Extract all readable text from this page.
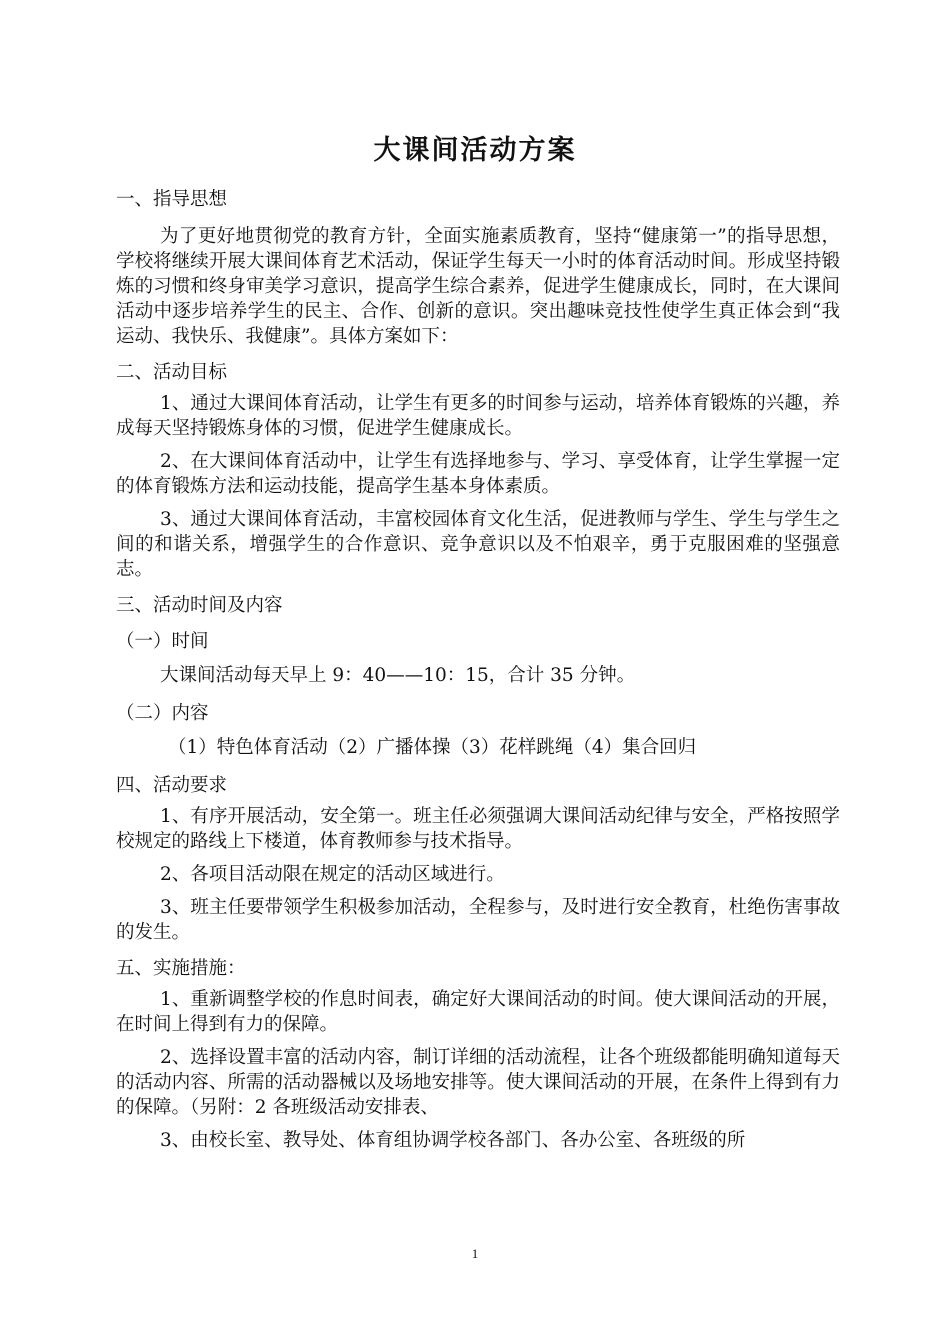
大课间活动方案
一、指导思想

为了更好地贯彻党的教育方针，全面实施素质教育，坚持“健康第一”的指导思想，学校将继续开展大课间体育艺术活动，保证学生每天一小时的体育活动时间。形成坚持锻炼的习惯和终身审美学习意识，提高学生综合素养，促进学生健康成长，同时，在大课间活动中逐步培养学生的民主、合作、创新的意识。突出趣味竞技性使学生真正体会到“我运动、我快乐、我健康”。具体方案如下：

二、活动目标

1、通过大课间体育活动，让学生有更多的时间参与运动，培养体育锻炼的兴趣，养成每天坚持锻炼身体的习惯，促进学生健康成长。

2、在大课间体育活动中，让学生有选择地参与、学习、享受体育，让学生掌握一定的体育锻炼方法和运动技能，提高学生基本身体素质。

3、通过大课间体育活动，丰富校园体育文化生活，促进教师与学生、学生与学生之间的和谐关系，增强学生的合作意识、竞争意识以及不怕艰辛，勇于克服困难的坚强意志。

三、活动时间及内容
（一）时间
大课间活动每天早上 9：40——10：15，合计 35 分钟。
（二）内容
（1）特色体育活动（2）广播体操（3）花样跳绳（4）集合回归
四、活动要求

1、有序开展活动，安全第一。班主任必须强调大课间活动纪律与安全，严格按照学校规定的路线上下楼道，体育教师参与技术指导。

2、各项目活动限在规定的活动区域进行。

3、班主任要带领学生积极参加活动，全程参与，及时进行安全教育，杜绝伤害事故的发生。

五、实施措施：

1、重新调整学校的作息时间表，确定好大课间活动的时间。使大课间活动的开展，在时间上得到有力的保障。

2、选择设置丰富的活动内容，制订详细的活动流程，让各个班级都能明确知道每天的活动内容、所需的活动器械以及场地安排等。使大课间活动的开展，在条件上得到有力的保障。（另附：2 各班级活动安排表、

3、由校长室、教导处、体育组协调学校各部门、各办公室、各班级的所

1
